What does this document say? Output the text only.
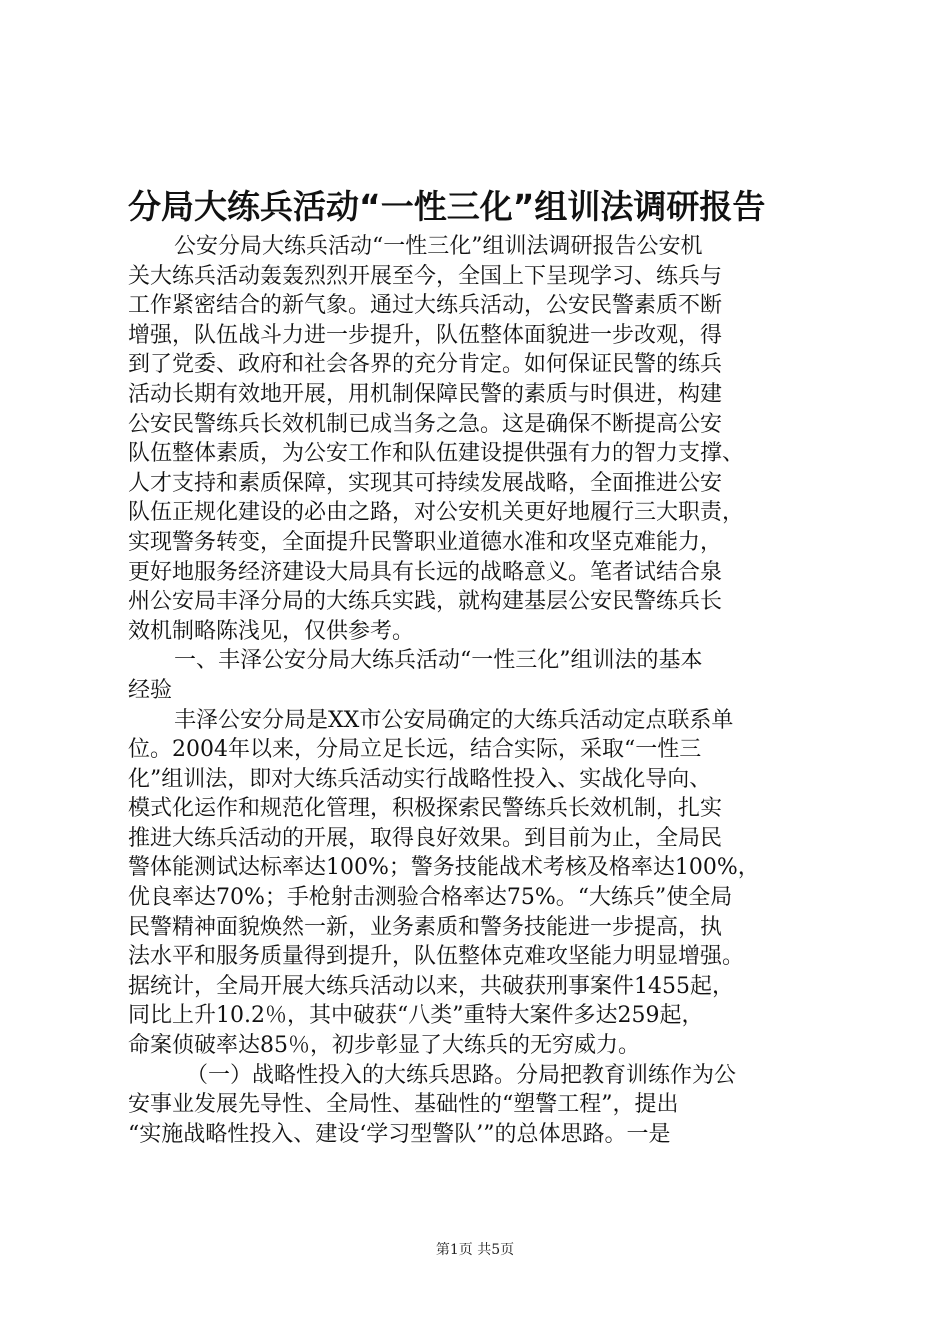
分局大练兵活动“一性三化”组训法调研报告
公安分局大练兵活动“一性三化”组训法调研报告公安机
关大练兵活动轰轰烈烈开展至今，全国上下呈现学习、练兵与
工作紧密结合的新气象。通过大练兵活动，公安民警素质不断
增强，队伍战斗力进一步提升，队伍整体面貌进一步改观，得
到了党委、政府和社会各界的充分肯定。如何保证民警的练兵
活动长期有效地开展，用机制保障民警的素质与时俱进，构建
公安民警练兵长效机制已成当务之急。这是确保不断提高公安
队伍整体素质，为公安工作和队伍建设提供强有力的智力支撑、
人才支持和素质保障，实现其可持续发展战略，全面推进公安
队伍正规化建设的必由之路，对公安机关更好地履行三大职责，
实现警务转变，全面提升民警职业道德水准和攻坚克难能力，
更好地服务经济建设大局具有长远的战略意义。笔者试结合泉
州公安局丰泽分局的大练兵实践，就构建基层公安民警练兵长
效机制略陈浅见，仅供参考。
一、丰泽公安分局大练兵活动“一性三化”组训法的基本
经验
丰泽公安分局是XX市公安局确定的大练兵活动定点联系单
位。2004年以来，分局立足长远，结合实际，采取“一性三
化”组训法，即对大练兵活动实行战略性投入、实战化导向、
模式化运作和规范化管理，积极探索民警练兵长效机制，扎实
推进大练兵活动的开展，取得良好效果。到目前为止，全局民
警体能测试达标率达100%；警务技能战术考核及格率达100%，
优良率达70%；手枪射击测验合格率达75%。“大练兵”使全局
民警精神面貌焕然一新，业务素质和警务技能进一步提高，执
法水平和服务质量得到提升，队伍整体克难攻坚能力明显增强。
据统计，全局开展大练兵活动以来，共破获刑事案件1455起，
同比上升10.2％，其中破获“八类”重特大案件多达259起，
命案侦破率达85％，初步彰显了大练兵的无穷威力。
（一）战略性投入的大练兵思路。分局把教育训练作为公
安事业发展先导性、全局性、基础性的“塑警工程”，提出
“实施战略性投入、建设‘学习型警队’”的总体思路。一是
第1页 共5页
